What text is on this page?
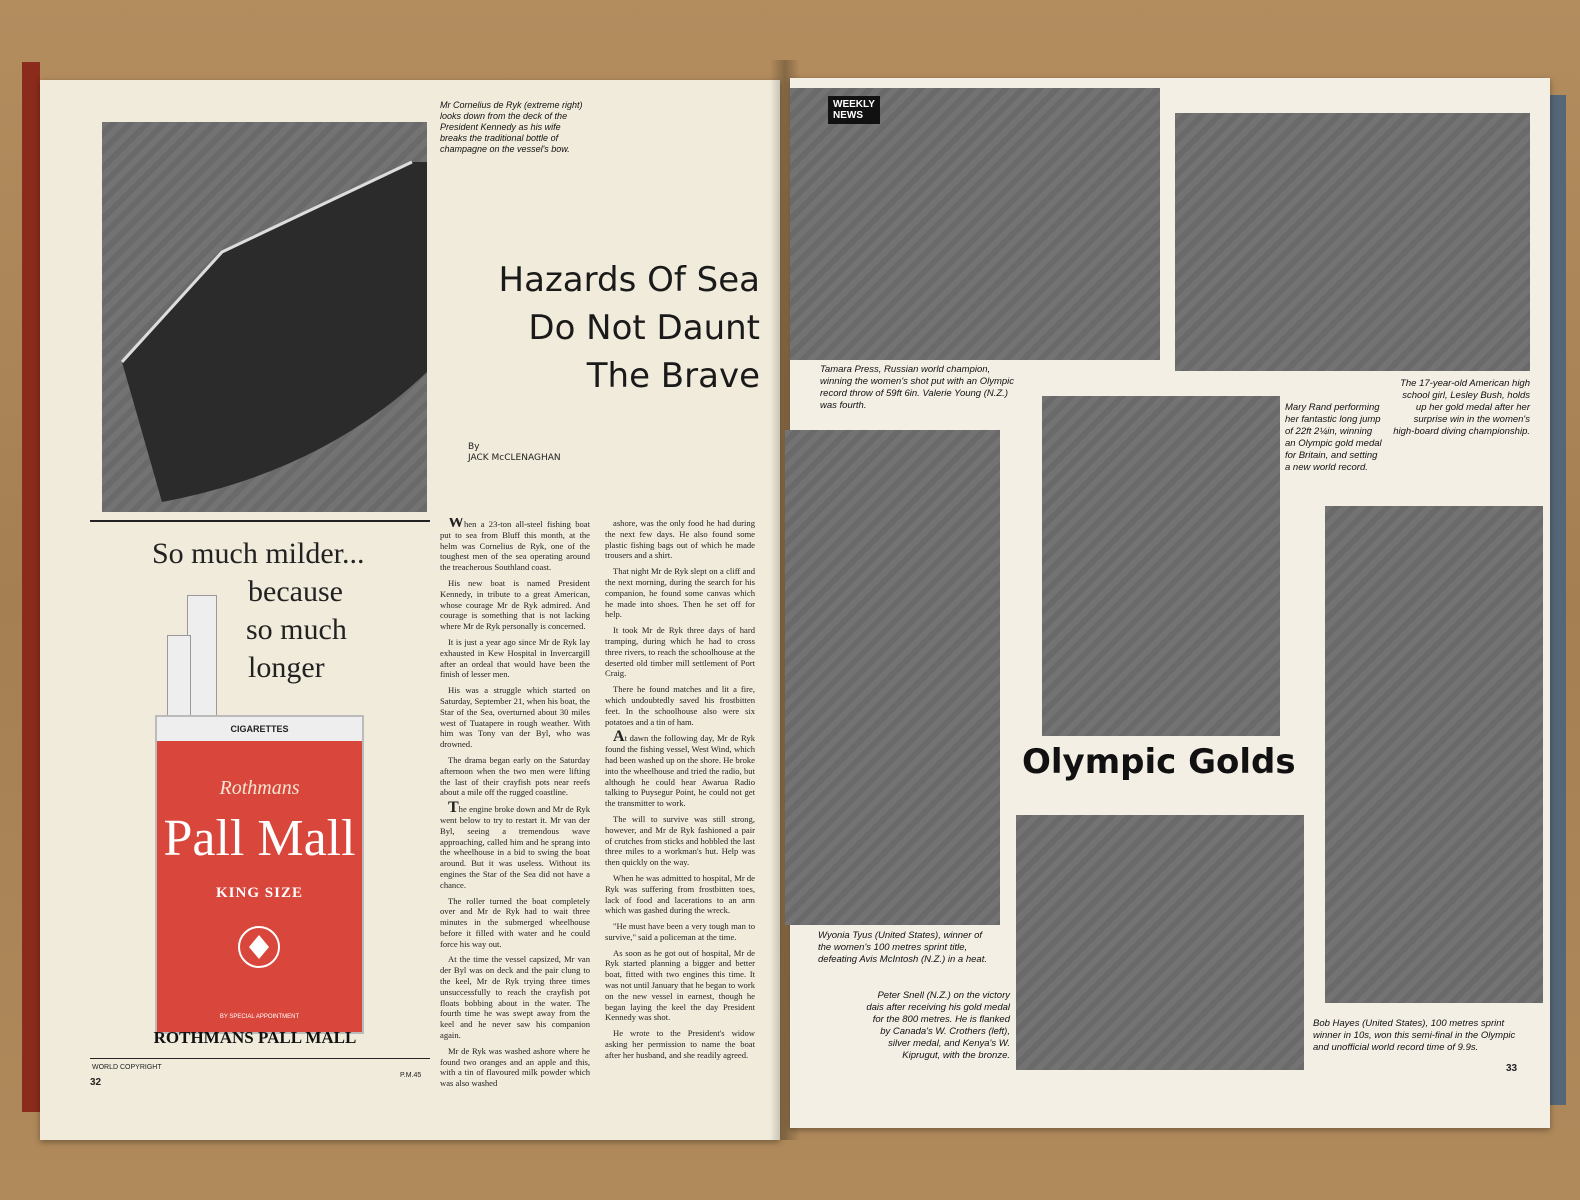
Mr Cornelius de Ryk (extreme right) looks down from the deck of the President Kennedy as his wife breaks the traditional bottle of champagne on the vessel's bow.
Hazards Of Sea
Do Not Daunt
The Brave
By
JACK McCLENAGHAN

When a 23-ton all-steel fishing boat put to sea from Bluff this month, at the helm was Cornelius de Ryk, one of the toughest men of the sea operating around the treacherous Southland coast.

His new boat is named President Kennedy, in tribute to a great American, whose courage Mr de Ryk admired. And courage is something that is not lacking where Mr de Ryk personally is concerned.

It is just a year ago since Mr de Ryk lay exhausted in Kew Hospital in Invercargill after an ordeal that would have been the finish of lesser men.

His was a struggle which started on Saturday, September 21, when his boat, the Star of the Sea, overturned about 30 miles west of Tuatapere in rough weather. With him was Tony van der Byl, who was drowned.

The drama began early on the Saturday afternoon when the two men were lifting the last of their crayfish pots near reefs about a mile off the rugged coastline.

The engine broke down and Mr de Ryk went below to try to restart it. Mr van der Byl, seeing a tremendous wave approaching, called him and he sprang into the wheelhouse in a bid to swing the boat around. But it was useless. Without its engines the Star of the Sea did not have a chance.

The roller turned the boat completely over and Mr de Ryk had to wait three minutes in the submerged wheelhouse before it filled with water and he could force his way out.

At the time the vessel capsized, Mr van der Byl was on deck and the pair clung to the keel, Mr de Ryk trying three times unsuccessfully to reach the crayfish pot floats bobbing about in the water. The fourth time he was swept away from the keel and he never saw his companion again.

Mr de Ryk was washed ashore where he found two oranges and an apple and this, with a tin of flavoured milk powder which was also washed

ashore, was the only food he had during the next few days. He also found some plastic fishing bags out of which he made trousers and a shirt.

That night Mr de Ryk slept on a cliff and the next morning, during the search for his companion, he found some canvas which he made into shoes. Then he set off for help.

It took Mr de Ryk three days of hard tramping, during which he had to cross three rivers, to reach the schoolhouse at the deserted old timber mill settlement of Port Craig.

There he found matches and lit a fire, which undoubtedly saved his frostbitten feet. In the schoolhouse also were six potatoes and a tin of ham.

At dawn the following day, Mr de Ryk found the fishing vessel, West Wind, which had been washed up on the shore. He broke into the wheelhouse and tried the radio, but although he could hear Awarua Radio talking to Puysegur Point, he could not get the transmitter to work.

The will to survive was still strong, however, and Mr de Ryk fashioned a pair of crutches from sticks and hobbled the last three miles to a workman's hut. Help was then quickly on the way.

When he was admitted to hospital, Mr de Ryk was suffering from frostbitten toes, lack of food and lacerations to an arm which was gashed during the wreck.

"He must have been a very tough man to survive," said a policeman at the time.

As soon as he got out of hospital, Mr de Ryk started planning a bigger and better boat, fitted with two engines this time. It was not until January that he began to work on the new vessel in earnest, though he began laying the keel the day President Kennedy was shot.

He wrote to the President's widow asking her permission to name the boat after her husband, and she readily agreed.

So much milder...
because
so much
longer
CIGARETTES
Rothmans
Pall Mall
KING SIZE
BY SPECIAL APPOINTMENT
ROTHMANS PALL MALL
WORLD COPYRIGHT
P.M.45
32
WEEKLY
NEWS
Tamara Press, Russian world champion, winning the women's shot put with an Olympic record throw of 59ft 6in. Valerie Young (N.Z.) was fourth.
The 17-year-old American high school girl, Lesley Bush, holds up her gold medal after her surprise win in the women's high-board diving championship.
Wyonia Tyus (United States), winner of the women's 100 metres sprint title, defeating Avis McIntosh (N.Z.) in a heat.
Mary Rand performing her fantastic long jump of 22ft 2¼in, winning an Olympic gold medal for Britain, and setting a new world record.
Olympic Golds
Peter Snell (N.Z.) on the victory dais after receiving his gold medal for the 800 metres. He is flanked by Canada's W. Crothers (left), silver medal, and Kenya's W. Kiprugut, with the bronze.
Bob Hayes (United States), 100 metres sprint winner in 10s, won this semi-final in the Olympic and unofficial world record time of 9.9s.
33
